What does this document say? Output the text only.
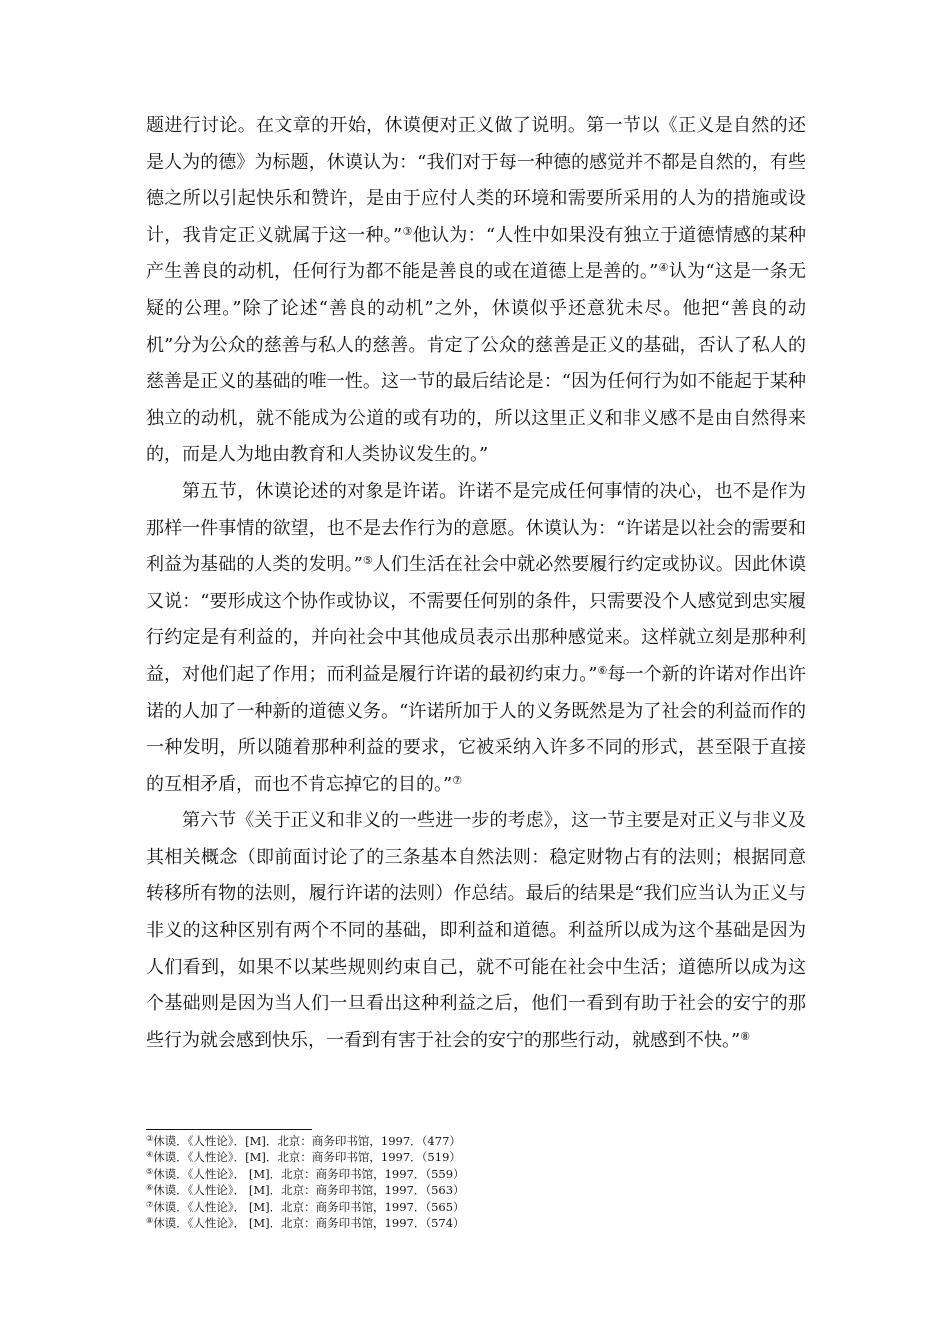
题进行讨论。在文章的开始，休谟便对正义做了说明。第一节以《正义是自然的还是人为的德》为标题，休谟认为：“我们对于每一种德的感觉并不都是自然的，有些德之所以引起快乐和赞许，是由于应付人类的环境和需要所采用的人为的措施或设计，我肯定正义就属于这一种。”③他认为：“人性中如果没有独立于道德情感的某种产生善良的动机，任何行为都不能是善良的或在道德上是善的。”④认为“这是一条无疑的公理。”除了论述“善良的动机”之外，休谟似乎还意犹未尽。他把“善良的动机”分为公众的慈善与私人的慈善。肯定了公众的慈善是正义的基础，否认了私人的慈善是正义的基础的唯一性。这一节的最后结论是：“因为任何行为如不能起于某种独立的动机，就不能成为公道的或有功的，所以这里正义和非义感不是由自然得来的，而是人为地由教育和人类协议发生的。”

第五节，休谟论述的对象是许诺。许诺不是完成任何事情的决心，也不是作为那样一件事情的欲望，也不是去作行为的意愿。休谟认为：“许诺是以社会的需要和利益为基础的人类的发明。”⑤人们生活在社会中就必然要履行约定或协议。因此休谟又说：“要形成这个协作或协议，不需要任何别的条件，只需要没个人感觉到忠实履行约定是有利益的，并向社会中其他成员表示出那种感觉来。这样就立刻是那种利益，对他们起了作用；而利益是履行许诺的最初约束力。”⑥每一个新的许诺对作出许诺的人加了一种新的道德义务。“许诺所加于人的义务既然是为了社会的利益而作的一种发明，所以随着那种利益的要求，它被采纳入许多不同的形式，甚至限于直接的互相矛盾，而也不肯忘掉它的目的。”⑦

第六节《关于正义和非义的一些进一步的考虑》，这一节主要是对正义与非义及其相关概念（即前面讨论了的三条基本自然法则：稳定财物占有的法则；根据同意转移所有物的法则，履行许诺的法则）作总结。最后的结果是“我们应当认为正义与非义的这种区别有两个不同的基础，即利益和道德。利益所以成为这个基础是因为人们看到，如果不以某些规则约束自己，就不可能在社会中生活；道德所以成为这个基础则是因为当人们一旦看出这种利益之后，他们一看到有助于社会的安宁的那些行为就会感到快乐，一看到有害于社会的安宁的那些行动，就感到不快。”⑧

③休谟．《人性论》．[M]．北京：商务印书馆，1997．（477）
④休谟．《人性论》．[M]．北京：商务印书馆，1997．（519）
⑤休谟．《人性论》． [M]．北京：商务印书馆，1997．（559）
⑥休谟．《人性论》． [M]．北京：商务印书馆，1997．（563）
⑦休谟．《人性论》． [M]．北京：商务印书馆，1997．（565）
⑧休谟．《人性论》． [M]．北京：商务印书馆，1997．（574）
